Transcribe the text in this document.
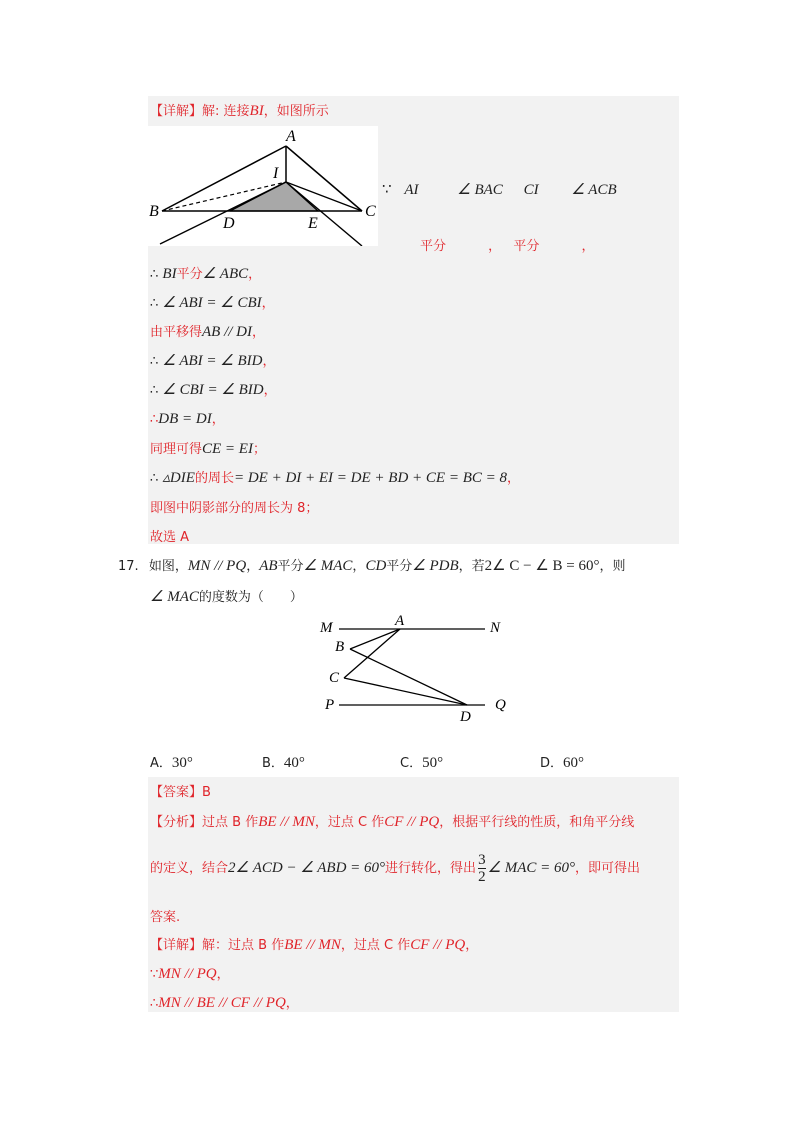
【详解】解: 连接BI，如图所示
A
I
B
D	E
C
∵ AI	∠ BAC CI ∠ ACB
平分	， 平分	，
∴ BI平分∠ ABC，
∴ ∠ ABI = ∠ CBI，
由平移得AB // DI，
∴ ∠ ABI = ∠ BID，
∴ ∠ CBI = ∠ BID，
∴DB = DI，
同理可得CE = EI；
∴ ▵DIE的周长= DE + DI + EI = DE + BD + CE = BC = 8，
即图中阴影部分的周长为 8；
故选 A
17. 如图，MN // PQ，AB平分∠ MAC，CD平分∠ PDB，若2∠ C − ∠ B = 60°，则
∠ MAC的度数为（　　）
M	A	N
B
C
P
D
Q
A．30°	B．40°	C．50°	D．60°
【答案】B
【分析】过点 B 作BE // MN，过点 C 作CF // PQ，根据平行线的性质，和角平分线
的定义，结合2∠ ACD − ∠ ABD = 60°进行转化，得出 $\frac{3}{2}$ ∠ MAC = 60°，即可得出
答案.
【详解】解：过点 B 作BE // MN，过点 C 作CF // PQ，
∵MN // PQ，
∴MN // BE // CF // PQ，
